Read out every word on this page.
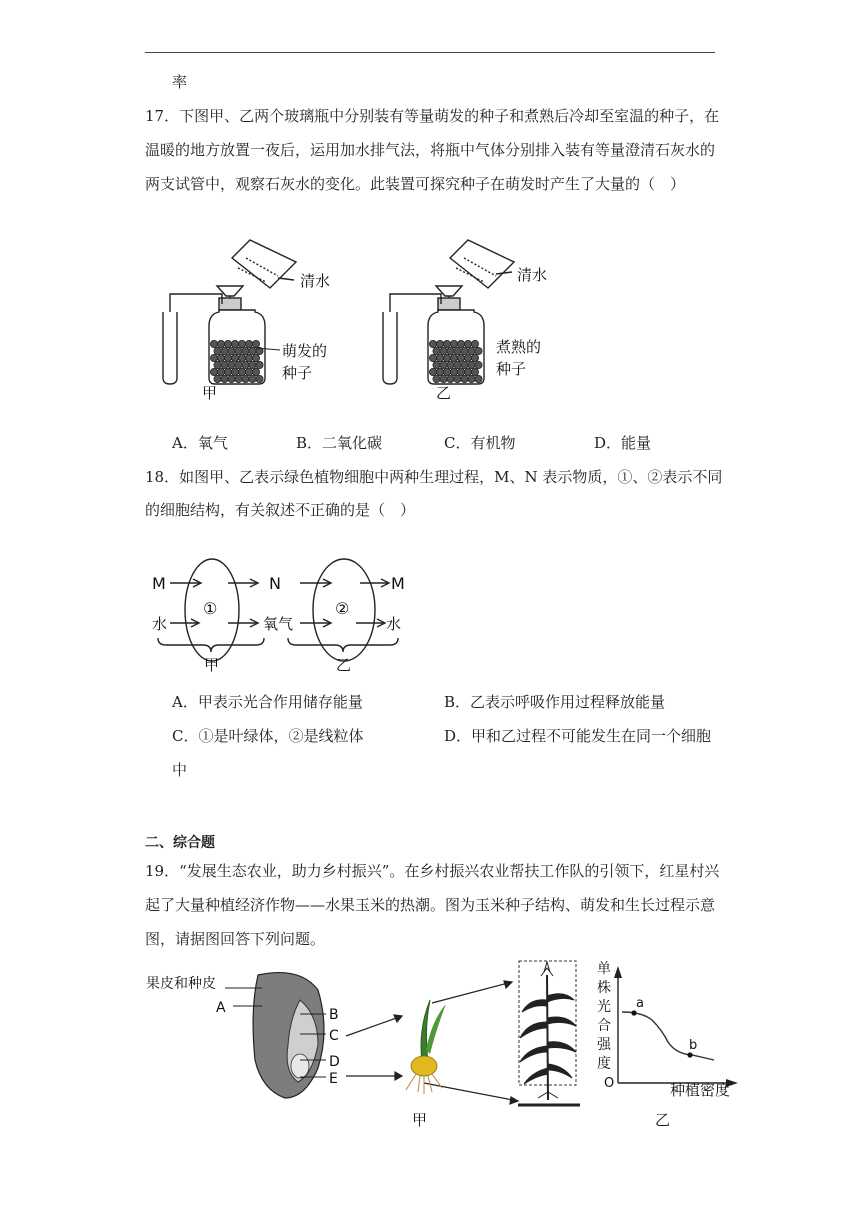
率
17．下图甲、乙两个玻璃瓶中分别装有等量萌发的种子和煮熟后冷却至室温的种子，在
温暖的地方放置一夜后，运用加水排气法，将瓶中气体分别排入装有等量澄清石灰水的
两支试管中，观察石灰水的变化。此装置可探究种子在萌发时产生了大量的（　）
清水
萌发的
种子
甲
清水
煮熟的
种子
乙
A．氧气	B．二氧化碳	C．有机物	D．能量
18．如图甲、乙表示绿色植物细胞中两种生理过程，M、N 表示物质，①、②表示不同
的细胞结构，有关叙述不正确的是（　）
M
水
①
N
氧气
②
M
水
甲	乙
A．甲表示光合作用储存能量	B．乙表示呼吸作用过程释放能量
C．①是叶绿体，②是线粒体	D．甲和乙过程不可能发生在同一个细胞
中
二、综合题
19．“发展生态农业，助力乡村振兴”。在乡村振兴农业帮扶工作队的引领下，红星村兴
起了大量种植经济作物——水果玉米的热潮。图为玉米种子结构、萌发和生长过程示意
图，请据图回答下列问题。
果皮和种皮
A	B
C
D
E
甲
a
b
单
株
光
合
强
度
O	种植密度
乙
